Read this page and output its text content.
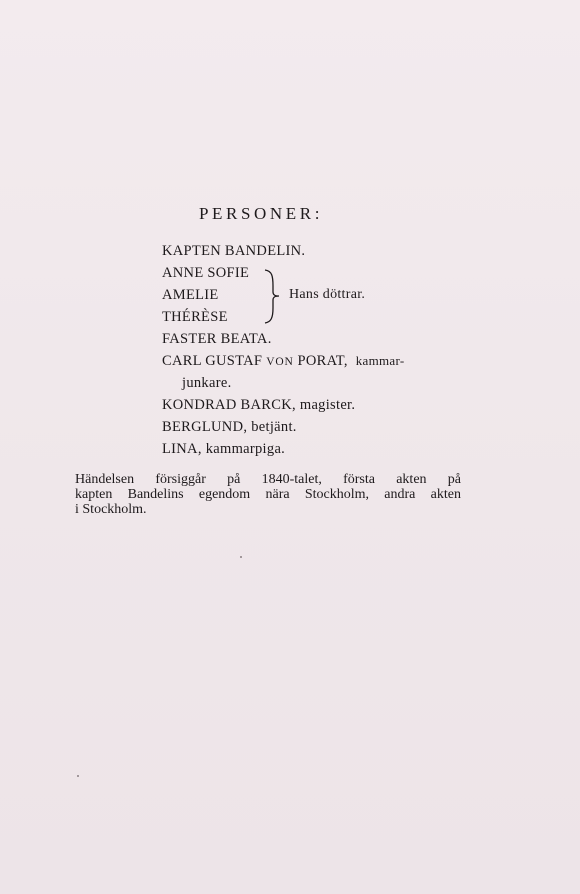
PERSONER:
KAPTEN BANDELIN.
ANNE SOFIE
AMELIE
THÉRÈSE
Hans döttrar.
FASTER BEATA.
CARL GUSTAF VON PORAT, kammar-
junkare.
KONDRAD BARCK, magister.
BERGLUND, betjänt.
LINA, kammarpiga.
Händelsen försiggår på 1840-talet, första akten på
kapten Bandelins egendom nära Stockholm, andra akten
i Stockholm.
